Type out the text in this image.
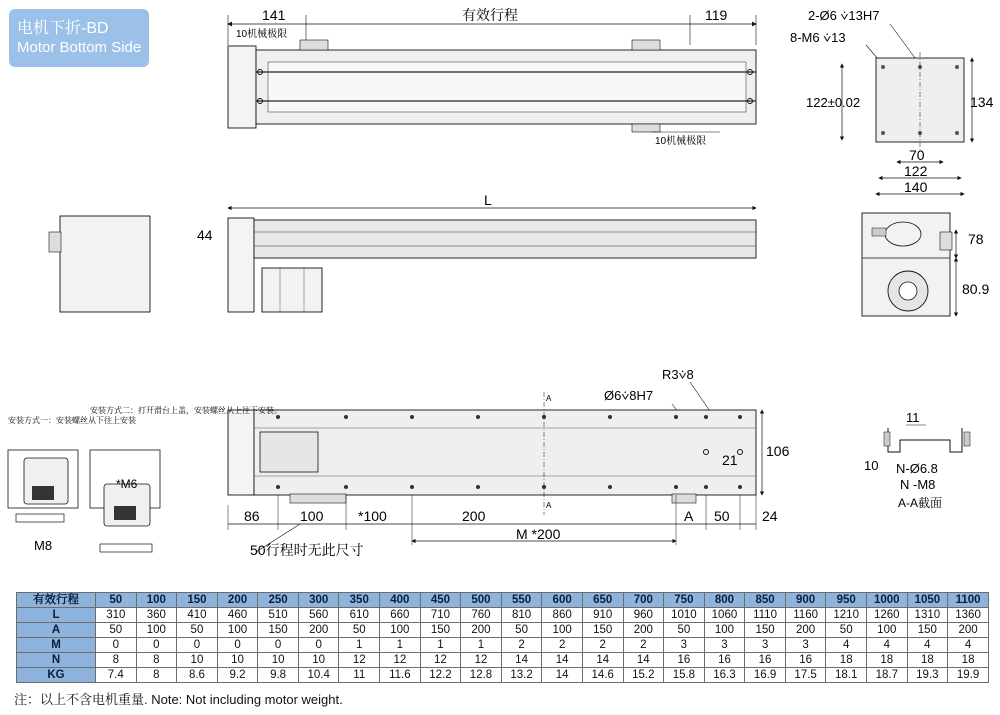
电机下折-BD
Motor Bottom Side
141	有效行程	119
10机械极限
10机械极限
2-Ø6 ⩒13H7
8-M6 ⩒13
122±0.02	134
70
122
140
L
44	78
80.9
R3⩒8
Ø6⩒8H7
A
A
106
21
86	100 *100	200	A 50 24
M *200
50行程时无此尺寸
11
10 N-Ø6.8
N -M8
A-A截面
安装方式一：安装螺丝从下往上安装
安装方式二：打开滑台上盖，安装螺丝从上往下安装。
M8
*M6
有效行程	50	100	150	200	250	300	350	400	450	500	550	600	650	700	750	800	850	900	950	1000	1050	1100
L	310	360	410	460	510	560	610	660	710	760	810	860	910	960	1010	1060	1110	1160	1210	1260	1310	1360
A	50	100	50	100	150	200	50	100	150	200	50	100	150	200	50	100	150	200	50	100	150	200
M	0	0	0	0	0	0	1	1	1	1	2	2	2	2	3	3	3	3	4	4	4	4
N	8	8	10	10	10	10	12	12	12	12	14	14	14	14	16	16	16	16	18	18	18	18
KG	7.4	8	8.6	9.2	9.8	10.4	11	11.6	12.2	12.8	13.2	14	14.6	15.2	15.8	16.3	16.9	17.5	18.1	18.7	19.3	19.9
注：以上不含电机重量. Note: Not including motor weight.
